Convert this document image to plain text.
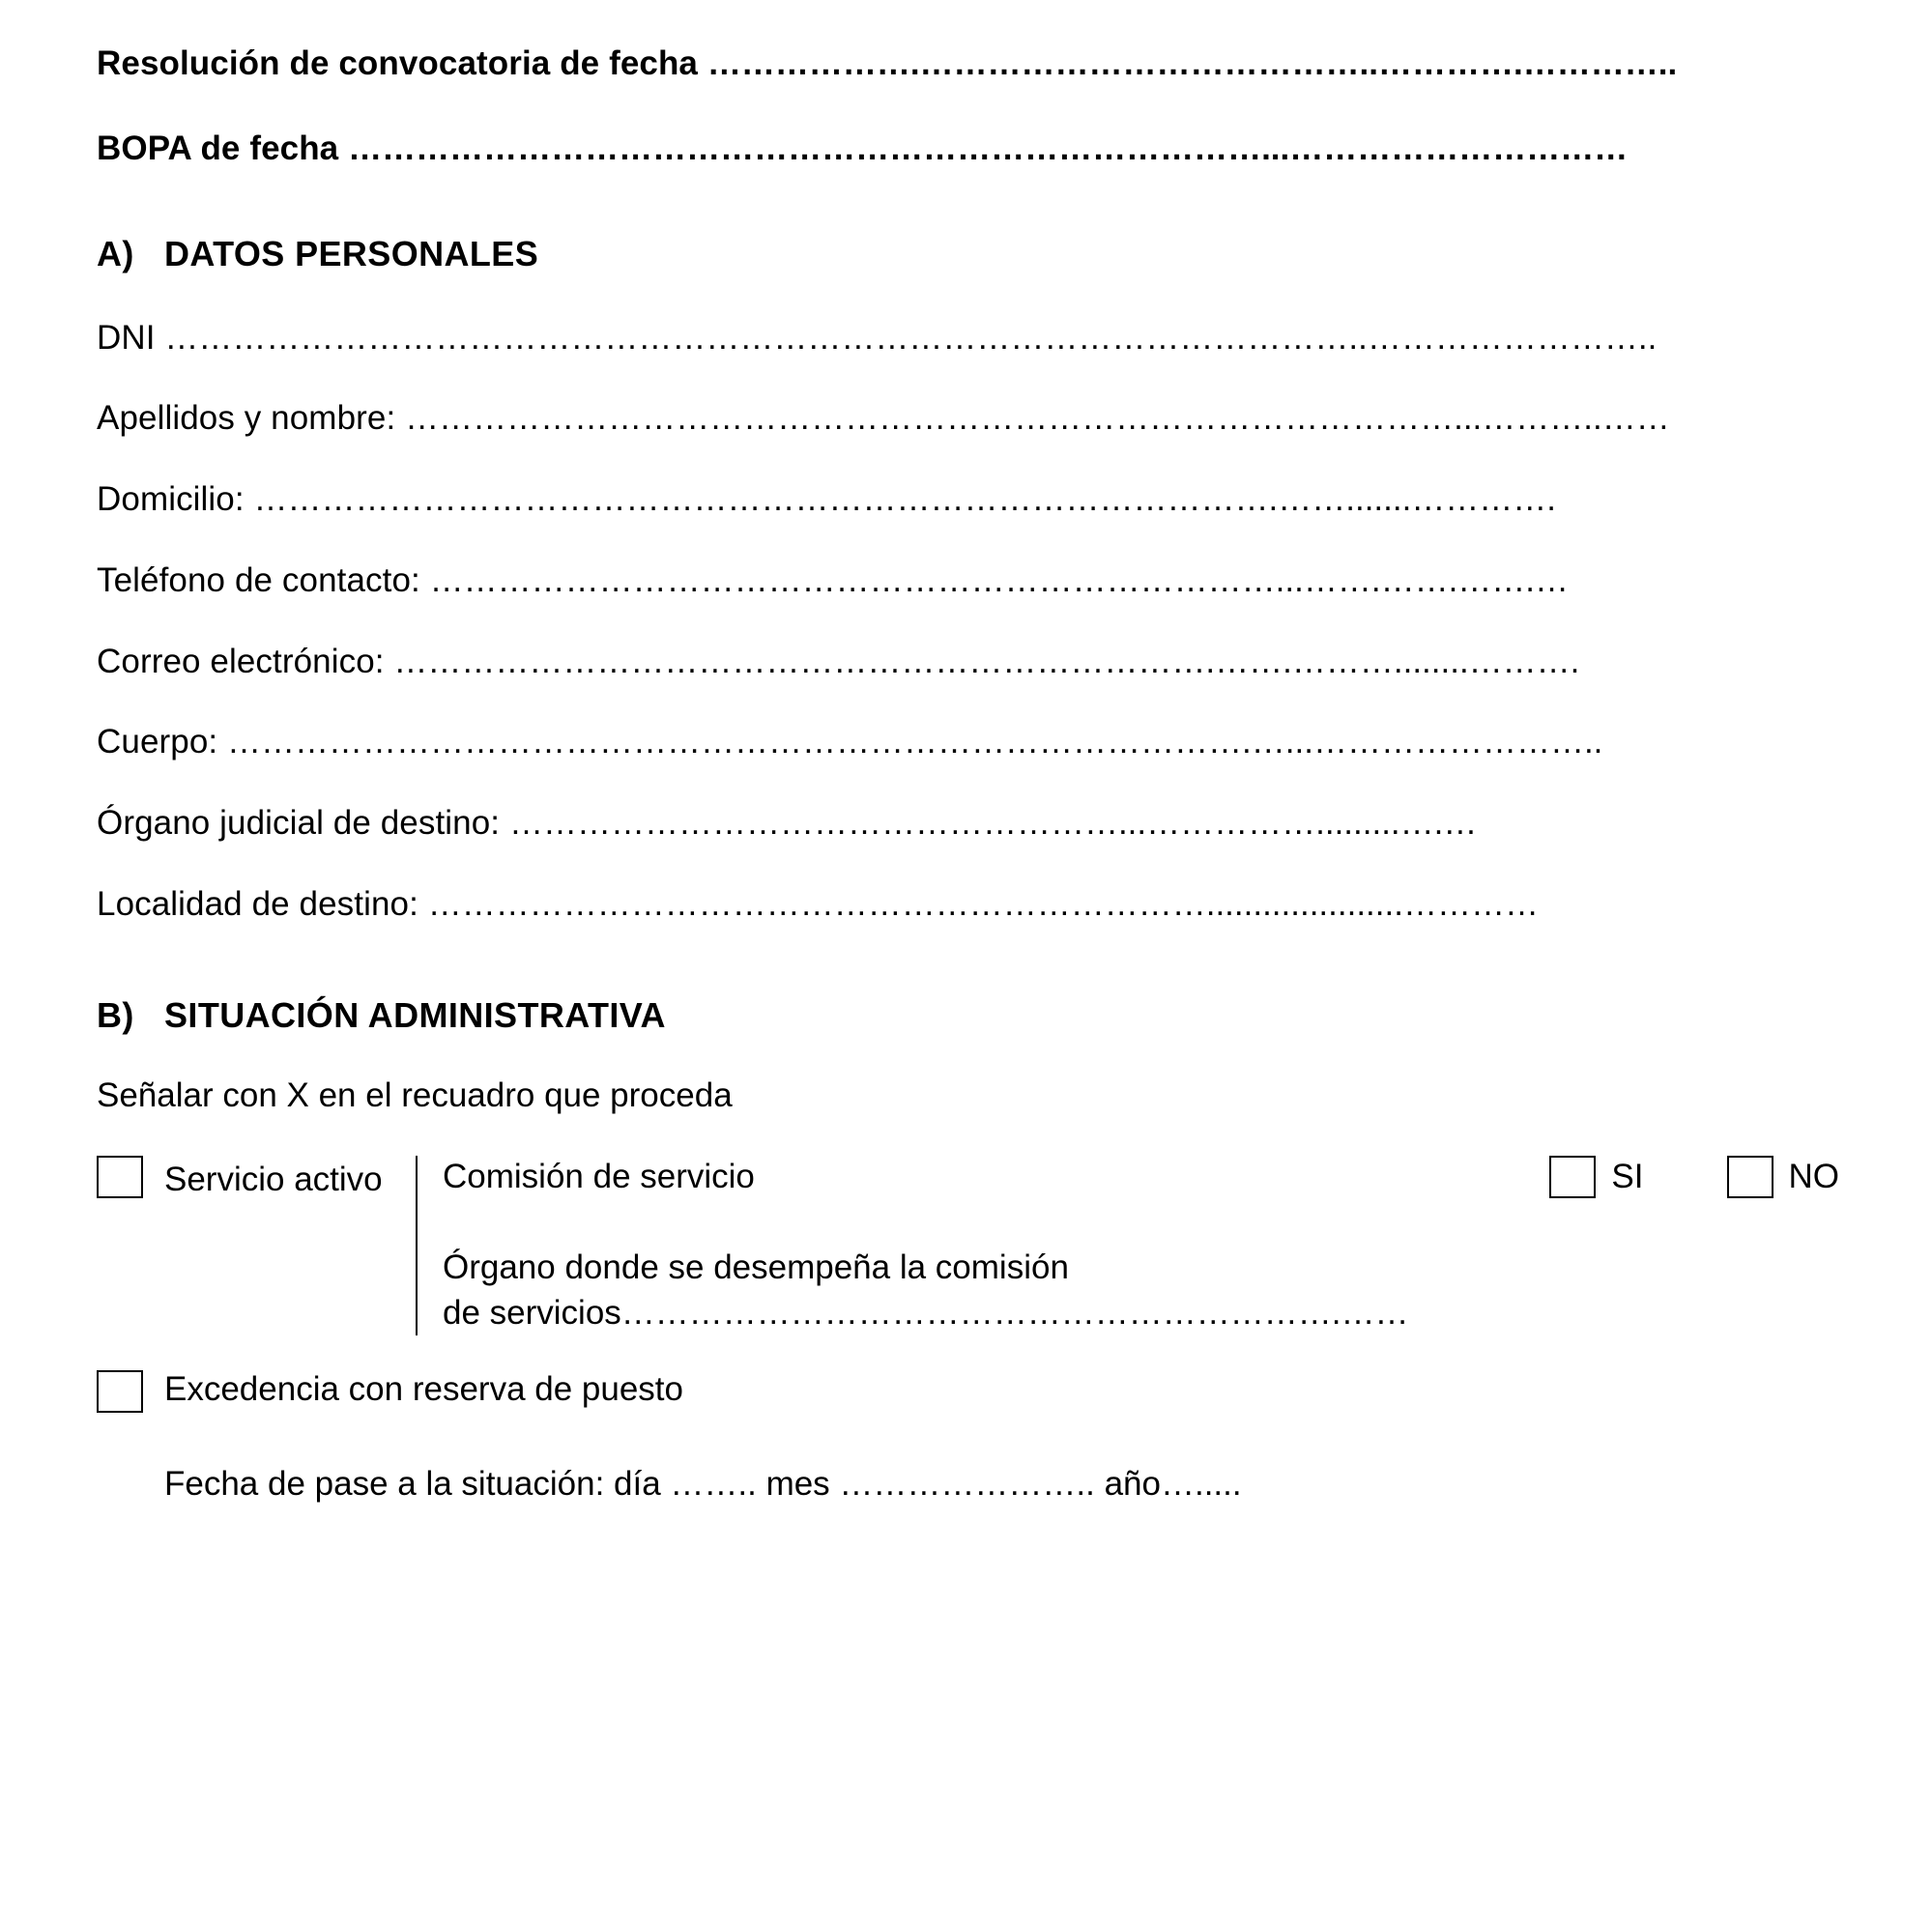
Resolución de convocatoria de fecha ……………….…………………………………..………….…………..
BOPA de fecha ………………………………………………………………………...…………………………
A) DATOS PERSONALES
DNI ……………………………………………………………………………………………..……………………..
Apellidos y nombre: …………………………………………………………………………………...………..……
Domicilio: ……………………………………………………………………………….…….......………….
Teléfono de contacto: …………………………………………………………………...…….…….…….…
Correo electrónico: ……………………………………………………………….…….………........……….
Cuerpo: ……………………………………………………………………………….…...……………………..
Órgano judicial de destino: ………………………………………………...…………….........….…
Localidad de destino: …………………………………………………………….....................…………
B) SITUACIÓN ADMINISTRATIVA
Señalar con X en el recuadro que proceda
Servicio activo	Comisión de servicio	SI	NO
Órgano donde se desempeña la comisión
de servicios……………………………………………………….……
Excedencia con reserva de puesto
Fecha de pase a la situación: día …….. mes ………………….. año….....
